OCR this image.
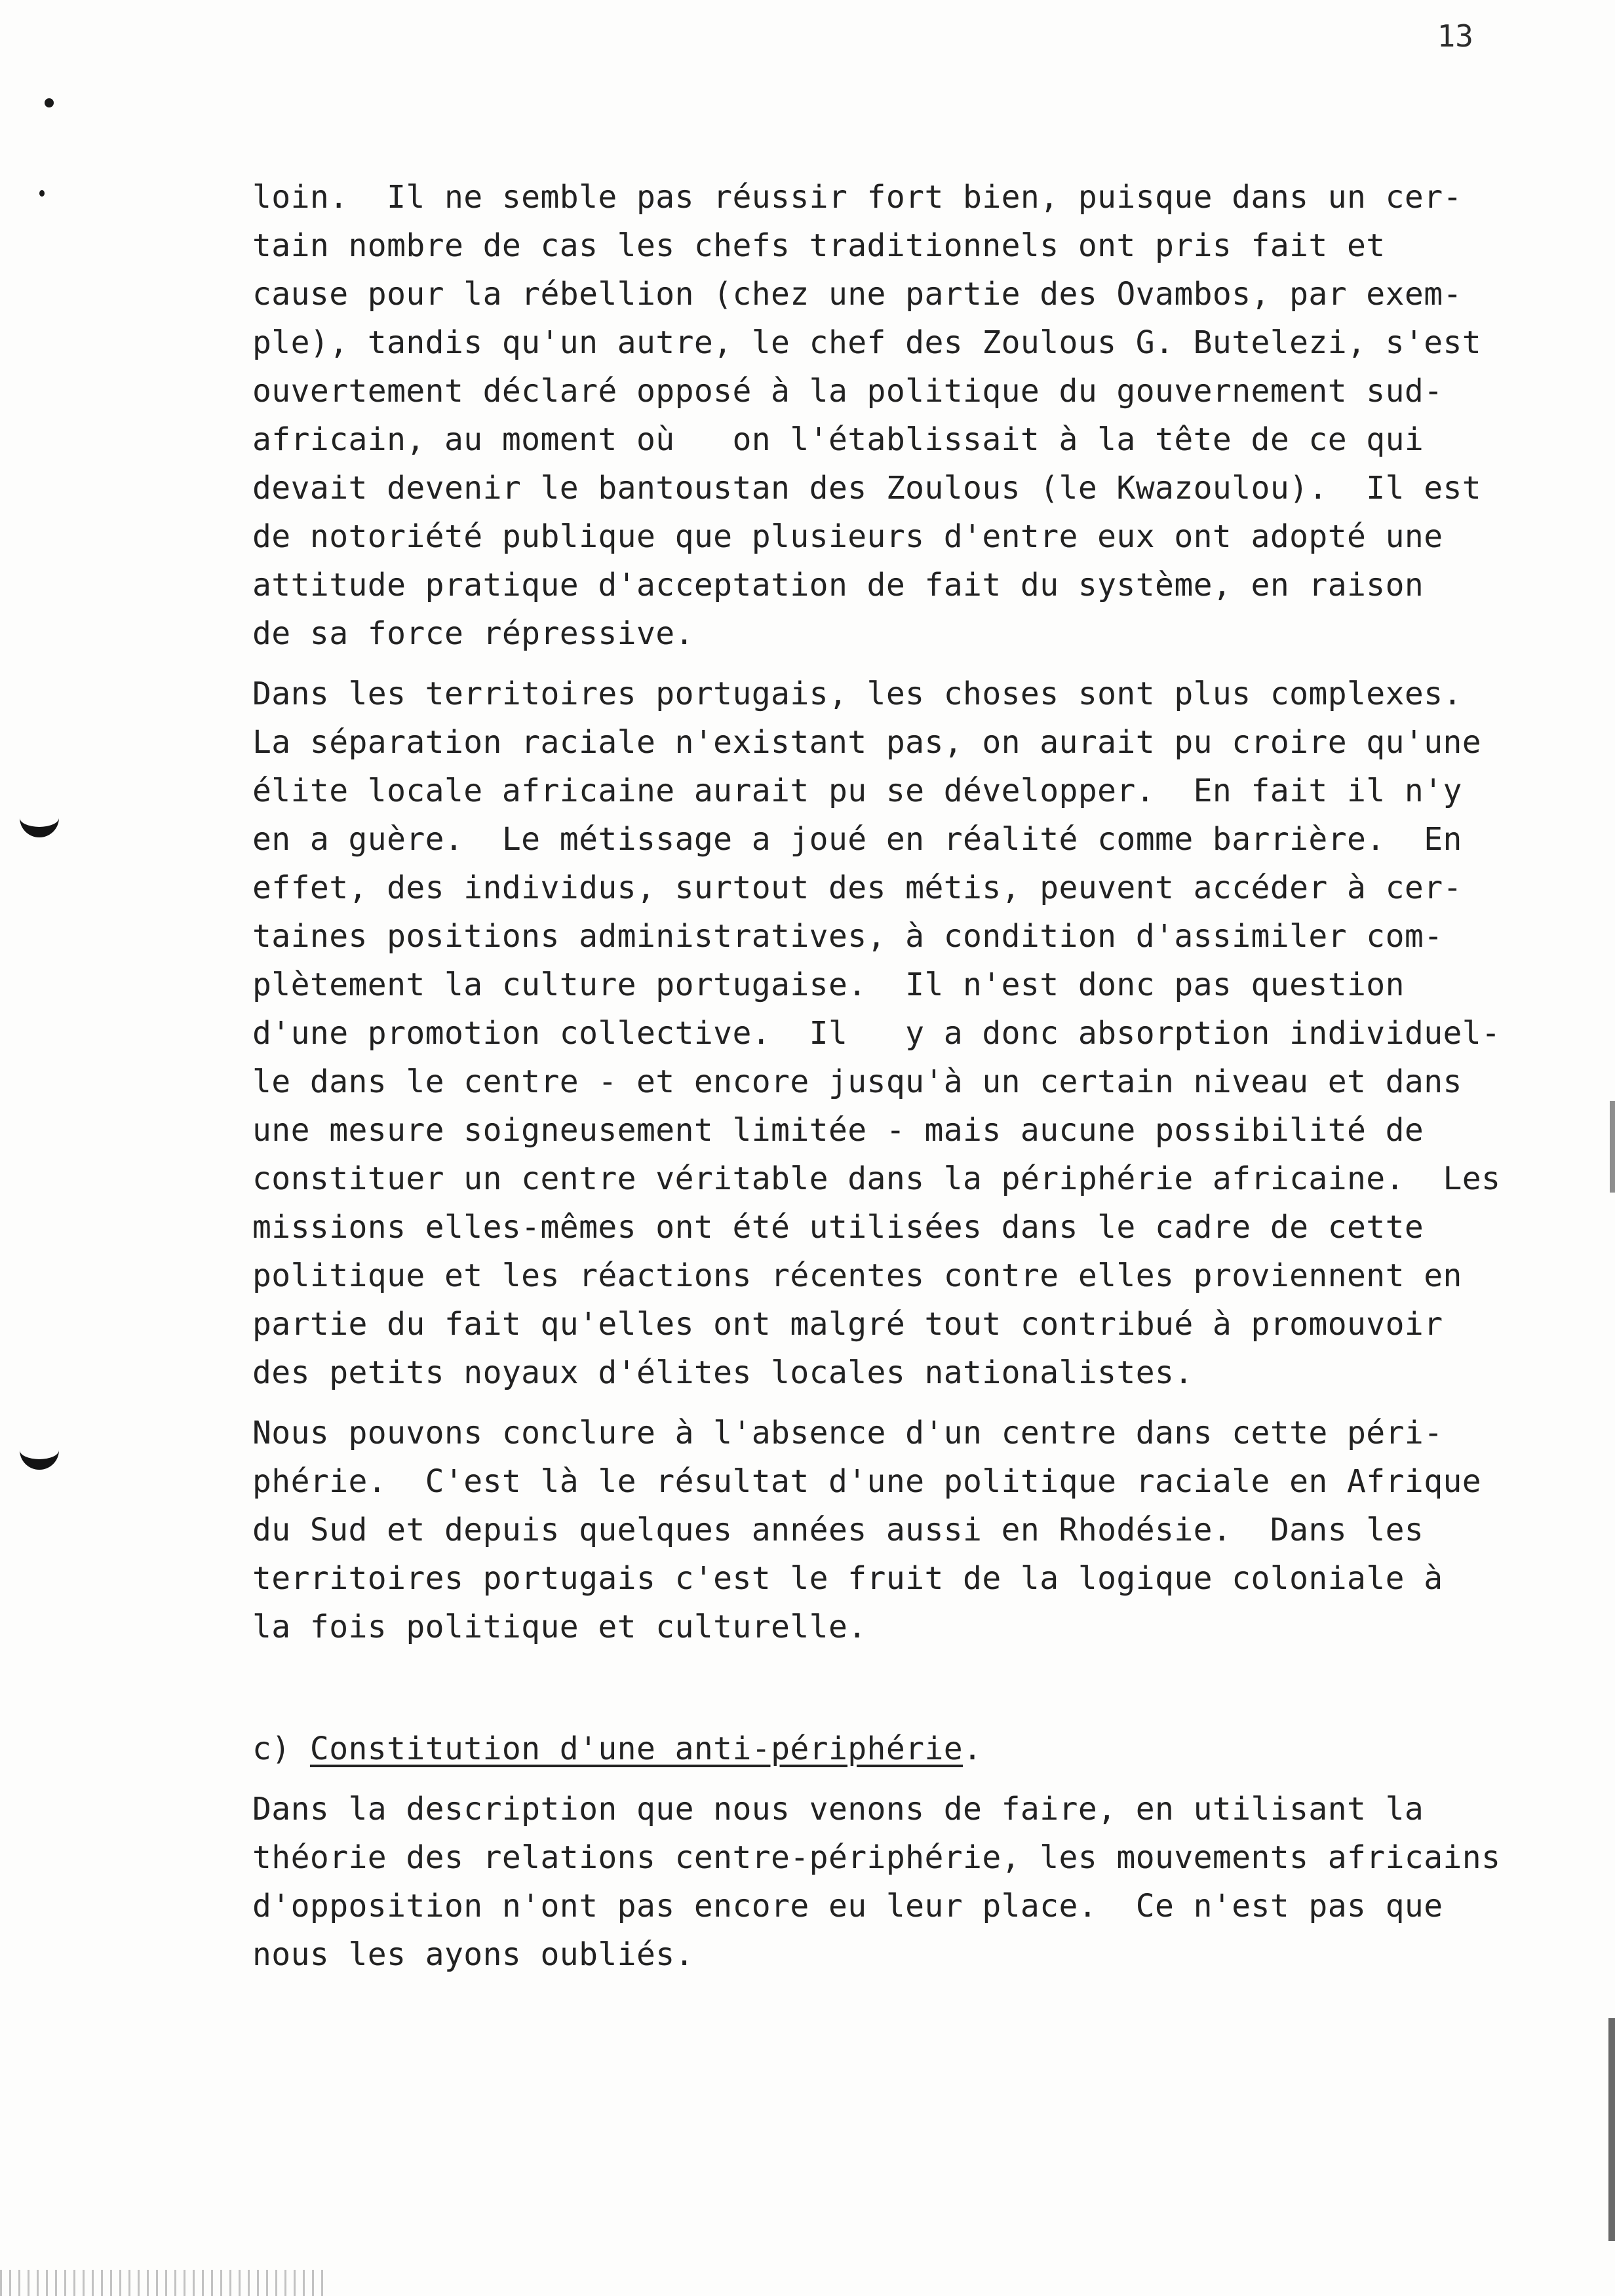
13
loin.  Il ne semble pas réussir fort bien, puisque dans un cer-
tain nombre de cas les chefs traditionnels ont pris fait et
cause pour la rébellion (chez une partie des Ovambos, par exem-
ple), tandis qu'un autre, le chef des Zoulous G. Butelezi, s'est
ouvertement déclaré opposé à la politique du gouvernement sud-
africain, au moment où   on l'établissait à la tête de ce qui
devait devenir le bantoustan des Zoulous (le Kwazoulou).  Il est
de notoriété publique que plusieurs d'entre eux ont adopté une
attitude pratique d'acceptation de fait du système, en raison
de sa force répressive.
Dans les territoires portugais, les choses sont plus complexes.
La séparation raciale n'existant pas, on aurait pu croire qu'une
élite locale africaine aurait pu se développer.  En fait il n'y
en a guère.  Le métissage a joué en réalité comme barrière.  En
effet, des individus, surtout des métis, peuvent accéder à cer-
taines positions administratives, à condition d'assimiler com-
plètement la culture portugaise.  Il n'est donc pas question
d'une promotion collective.  Il   y a donc absorption individuel-
le dans le centre - et encore jusqu'à un certain niveau et dans
une mesure soigneusement limitée - mais aucune possibilité de
constituer un centre véritable dans la périphérie africaine.  Les
missions elles-mêmes ont été utilisées dans le cadre de cette
politique et les réactions récentes contre elles proviennent en
partie du fait qu'elles ont malgré tout contribué à promouvoir
des petits noyaux d'élites locales nationalistes.
Nous pouvons conclure à l'absence d'un centre dans cette péri-
phérie.  C'est là le résultat d'une politique raciale en Afrique
du Sud et depuis quelques années aussi en Rhodésie.  Dans les
territoires portugais c'est le fruit de la logique coloniale à
la fois politique et culturelle.
c) Constitution d'une anti-périphérie.
Dans la description que nous venons de faire, en utilisant la
théorie des relations centre-périphérie, les mouvements africains
d'opposition n'ont pas encore eu leur place.  Ce n'est pas que
nous les ayons oubliés.
